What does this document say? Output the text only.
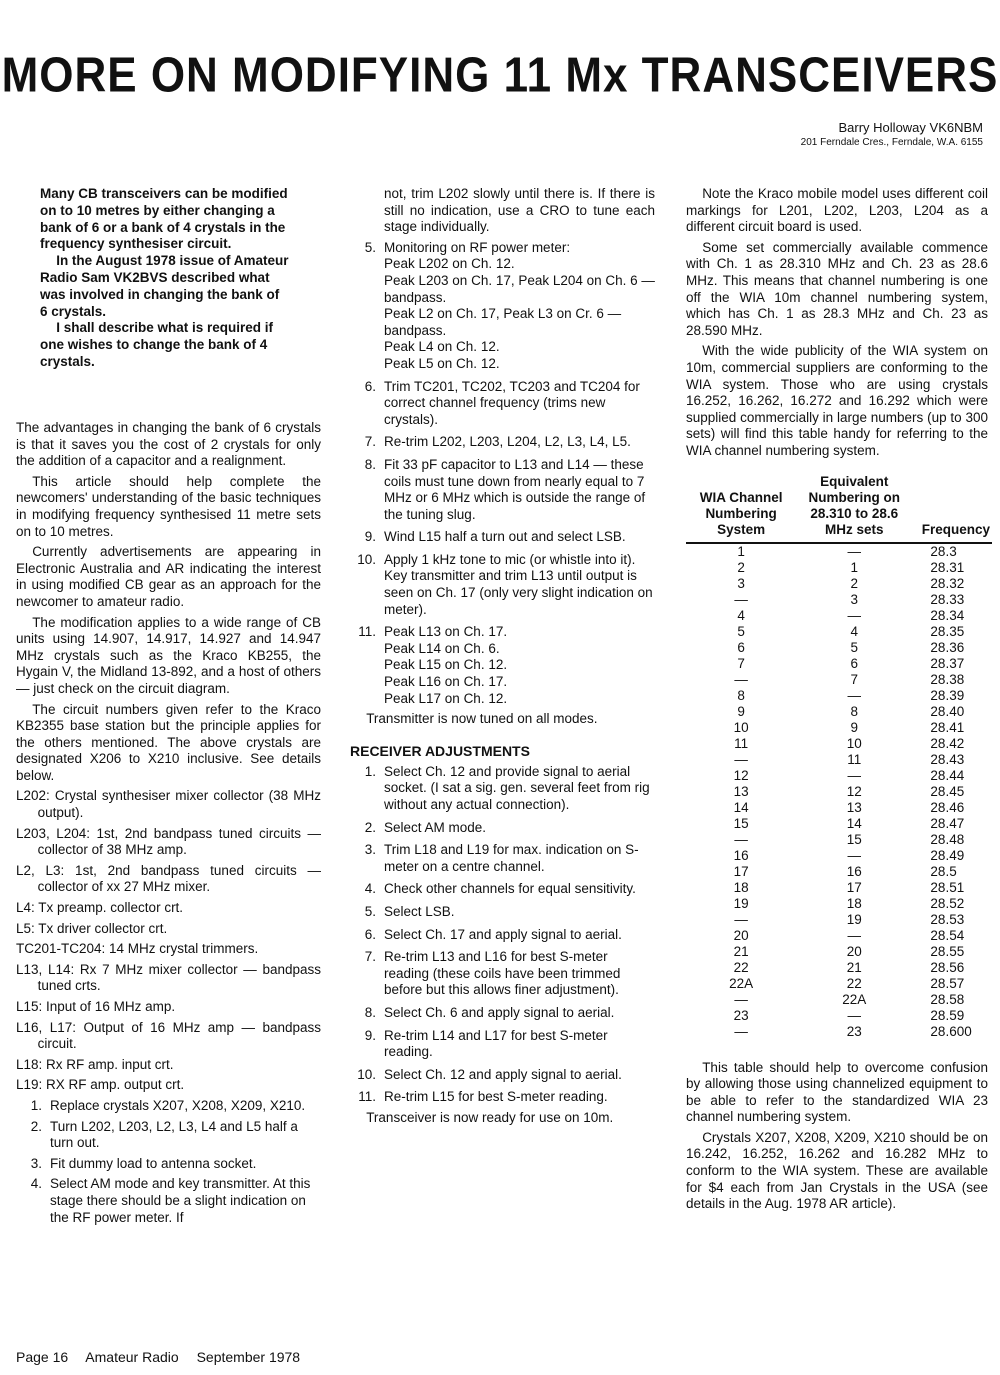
MORE ON MODIFYING 11 Mx TRANSCEIVERS
Barry Holloway VK6NBM
201 Ferndale Cres., Ferndale, W.A. 6155

Many CB transceivers can be modified on to 10 metres by either changing a bank of 6 or a bank of 4 crystals in the frequency synthesiser circuit.

In the August 1978 issue of Amateur Radio Sam VK2BVS described what was involved in changing the bank of 6 crystals.

I shall describe what is required if one wishes to change the bank of 4 crystals.

The advantages in changing the bank of 6 crystals is that it saves you the cost of 2 crystals for only the addition of a capacitor and a realignment.

This article should help complete the newcomers' understanding of the basic techniques in modifying frequency synthesised 11 metre sets on to 10 metres.

Currently advertisements are appearing in Electronic Australia and AR indicating the interest in using modified CB gear as an approach for the newcomer to amateur radio.

The modification applies to a wide range of CB units using 14.907, 14.917, 14.927 and 14.947 MHz crystals such as the Kraco KB255, the Hygain V, the Midland 13-892, and a host of others — just check on the circuit diagram.

The circuit numbers given refer to the Kraco KB2355 base station but the principle applies for the others mentioned. The above crystals are designated X206 to X210 inclusive. See details below.

L202: Crystal synthesiser mixer collector (38 MHz output).

L203, L204: 1st, 2nd bandpass tuned circuits — collector of 38 MHz amp.

L2, L3: 1st, 2nd bandpass tuned circuits — collector of xx 27 MHz mixer.

L4: Tx preamp. collector crt.

L5: Tx driver collector crt.

TC201-TC204: 14 MHz crystal trimmers.

L13, L14: Rx 7 MHz mixer collector — bandpass tuned crts.

L15: Input of 16 MHz amp.

L16, L17: Output of 16 MHz amp — bandpass circuit.

L18: Rx RF amp. input crt.

L19: RX RF amp. output crt.

1. Replace crystals X207, X208, X209, X210.
2. Turn L202, L203, L2, L3, L4 and L5 half a turn out.
3. Fit dummy load to antenna socket.
4. Select AM mode and key transmitter. At this stage there should be a slight indication on the RF power meter. If

not, trim L202 slowly until there is. If there is still no indication, use a CRO to tune each stage individually.

5. Monitoring on RF power meter:
Peak L202 on Ch. 12.
Peak L203 on Ch. 17, Peak L204 on Ch. 6 — bandpass.
Peak L2 on Ch. 17, Peak L3 on Cr. 6 — bandpass.
Peak L4 on Ch. 12.
Peak L5 on Ch. 12.
6. Trim TC201, TC202, TC203 and TC204 for correct channel frequency (trims new crystals).
7. Re-trim L202, L203, L204, L2, L3, L4, L5.
8. Fit 33 pF capacitor to L13 and L14 — these coils must tune down from nearly equal to 7 MHz or 6 MHz which is outside the range of the tuning slug.
9. Wind L15 half a turn out and select LSB.
10. Apply 1 kHz tone to mic (or whistle into it). Key transmitter and trim L13 until output is seen on Ch. 17 (only very slight indication on meter).
11. Peak L13 on Ch. 17.
Peak L14 on Ch. 6.
Peak L15 on Ch. 12.
Peak L16 on Ch. 17.
Peak L17 on Ch. 12.

Transmitter is now tuned on all modes.

RECEIVER ADJUSTMENTS
1. Select Ch. 12 and provide signal to aerial socket. (I sat a sig. gen. several feet from rig without any actual connection).
2. Select AM mode.
3. Trim L18 and L19 for max. indication on S-meter on a centre channel.
4. Check other channels for equal sensitivity.
5. Select LSB.
6. Select Ch. 17 and apply signal to aerial.
7. Re-trim L13 and L16 for best S-meter reading (these coils have been trimmed before but this allows finer adjustment).
8. Select Ch. 6 and apply signal to aerial.
9. Re-trim L14 and L17 for best S-meter reading.
10. Select Ch. 12 and apply signal to aerial.
11. Re-trim L15 for best S-meter reading.

Transceiver is now ready for use on 10m.

Note the Kraco mobile model uses different coil markings for L201, L202, L203, L204 as a different circuit board is used.

Some set commercially available commence with Ch. 1 as 28.310 MHz and Ch. 23 as 28.6 MHz. This means that channel numbering is one off the WIA 10m channel numbering system, which has Ch. 1 as 28.3 MHz and Ch. 23 as 28.590 MHz.

With the wide publicity of the WIA system on 10m, commercial suppliers are conforming to the WIA system. Those who are using crystals 16.252, 16.262, 16.272 and 16.292 which were supplied commercially in large numbers (up to 300 sets) will find this table handy for referring to the WIA channel numbering system.

WIA Channel Numbering System	Equivalent Numbering on 28.310 to 28.6 MHz sets	Frequency
1	—	28.3
2	1	28.31
3	2	28.32
—	3	28.33
4	—	28.34
5	4	28.35
6	5	28.36
7	6	28.37
—	7	28.38
8	—	28.39
9	8	28.40
10	9	28.41
11	10	28.42
—	11	28.43
12	—	28.44
13	12	28.45
14	13	28.46
15	14	28.47
—	15	28.48
16	—	28.49
17	16	28.5
18	17	28.51
19	18	28.52
—	19	28.53
20	—	28.54
21	20	28.55
22	21	28.56
22A	22	28.57
—	22A	28.58
23	—	28.59
—	23	28.600

This table should help to overcome confusion by allowing those using channelized equipment to be able to refer to the standardized WIA 23 channel numbering system.

Crystals X207, X208, X209, X210 should be on 16.242, 16.252, 16.262 and 16.282 MHz to conform to the WIA system. These are available for $4 each from Jan Crystals in the USA (see details in the Aug. 1978 AR article).

Page 16 Amateur Radio September 1978
